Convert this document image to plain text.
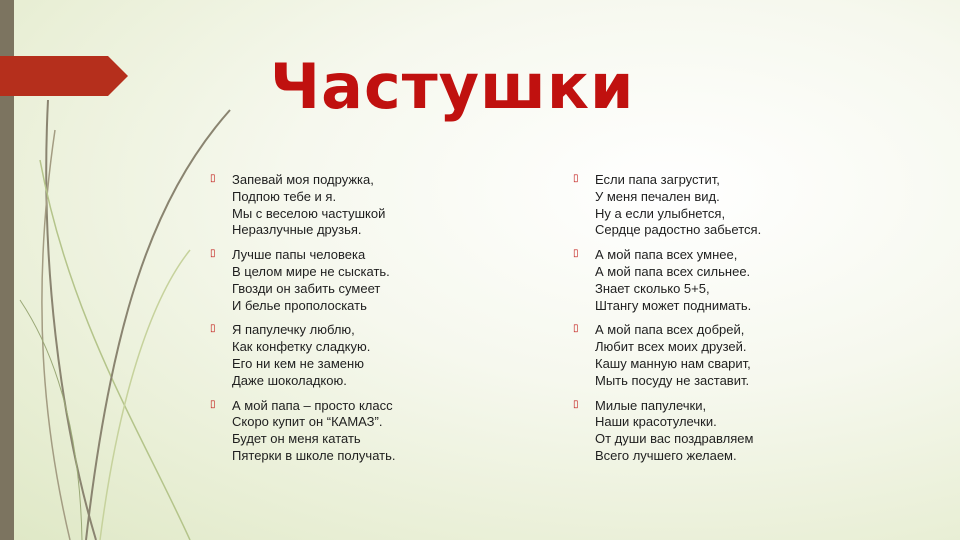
Частушки
▯ Запевай моя подружка,
Подпою тебе и я.
Мы с веселою частушкой
Неразлучные друзья.
▯ Лучше папы человека
В целом мире не сыскать.
Гвозди он забить сумеет
И белье прополоскать
▯ Я папулечку люблю,
Как конфетку сладкую.
Его ни кем не заменю
Даже шоколадкою.
▯ А мой папа – просто класс
Скоро купит он “КАМАЗ”.
Будет он меня катать
Пятерки в школе получать.
▯ Если папа загрустит,
У меня печален вид.
Ну а если улыбнется,
Сердце радостно забьется.
▯ А мой папа всех умнее,
А мой папа всех сильнее.
Знает сколько 5+5,
Штангу может поднимать.
▯ А мой папа всех добрей,
Любит всех моих друзей.
Кашу манную нам сварит,
Мыть посуду не заставит.
▯ Милые папулечки,
Наши красотулечки.
От души вас поздравляем
Всего лучшего желаем.
